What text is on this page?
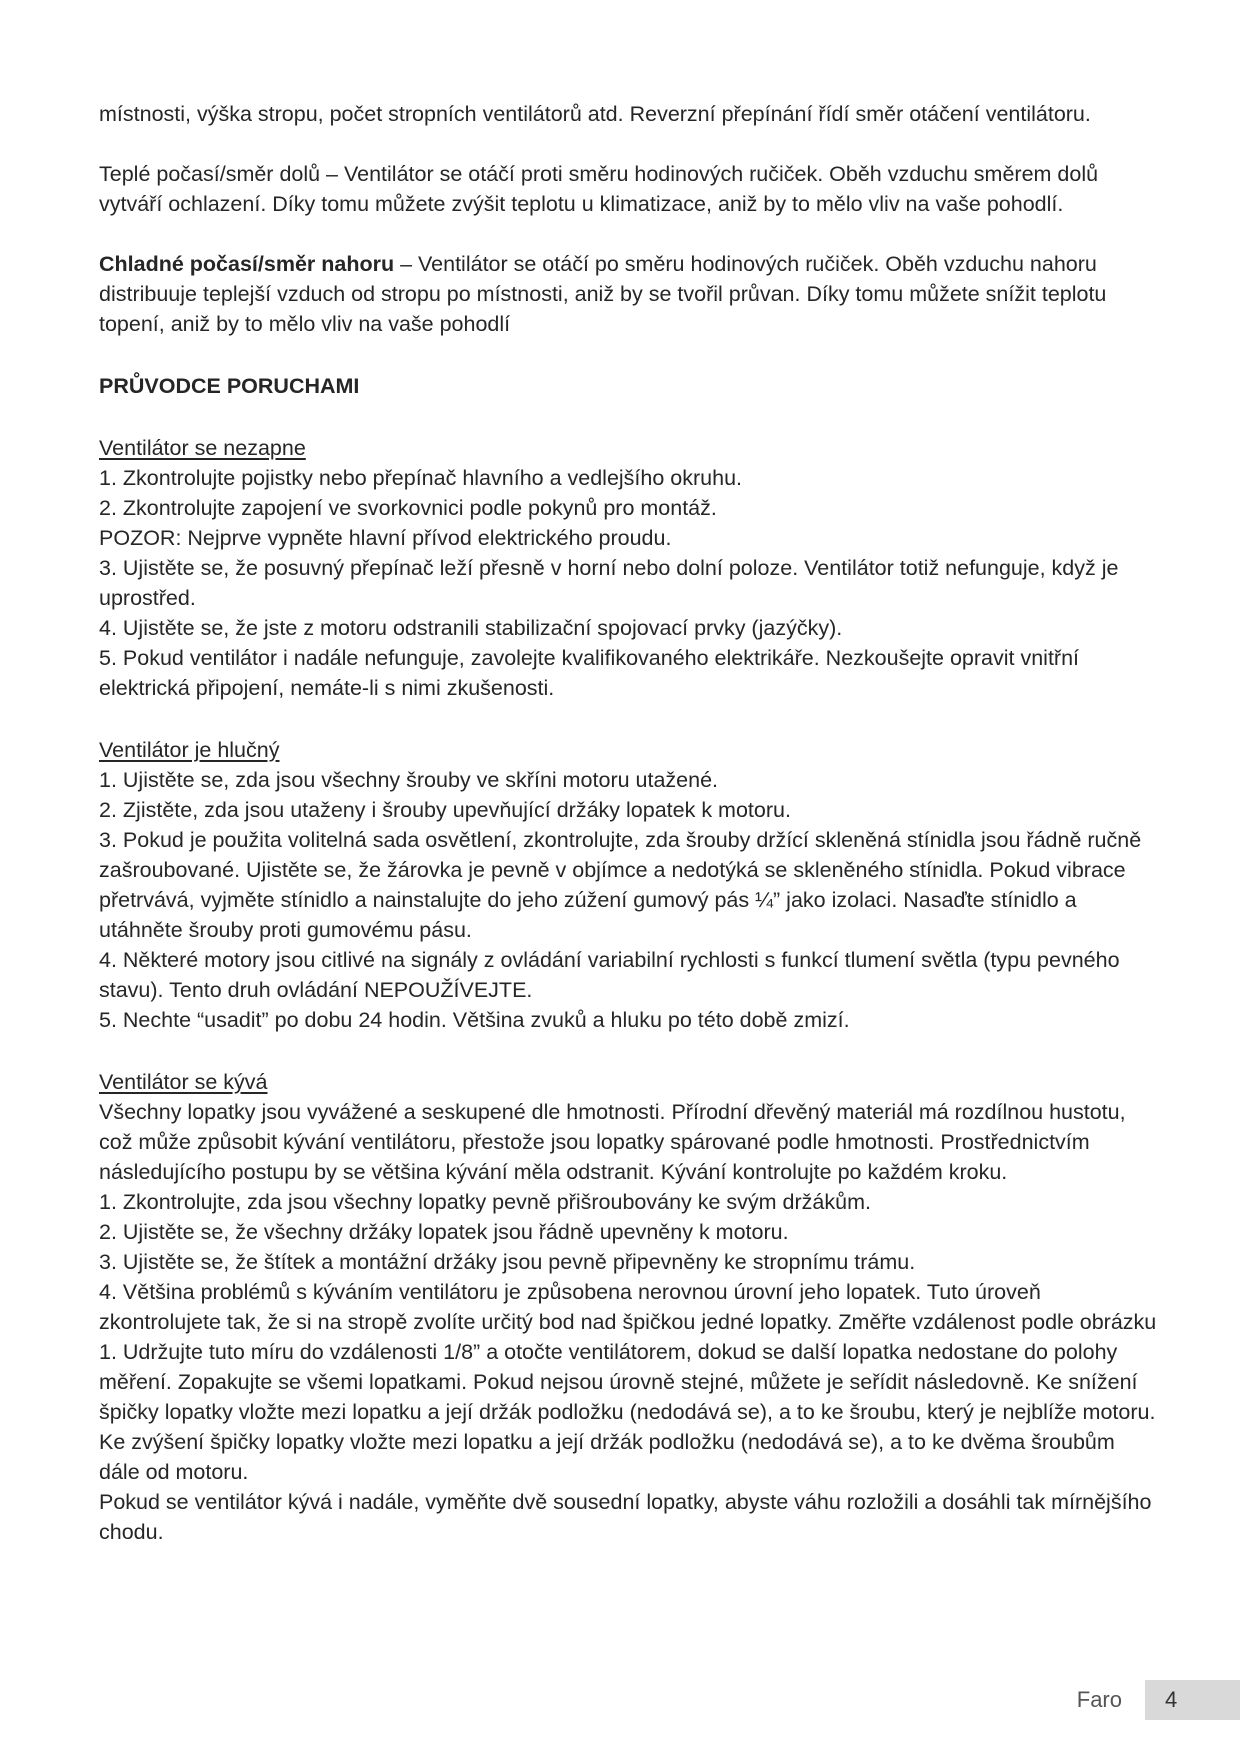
místnosti, výška stropu, počet stropních ventilátorů atd. Reverzní přepínání řídí směr otáčení ventilátoru.

Teplé počasí/směr dolů – Ventilátor se otáčí proti směru hodinových ručiček. Oběh vzduchu směrem dolů vytváří ochlazení. Díky tomu můžete zvýšit teplotu u klimatizace, aniž by to mělo vliv na vaše pohodlí.

Chladné počasí/směr nahoru – Ventilátor se otáčí po směru hodinových ručiček. Oběh vzduchu nahoru distribuuje teplejší vzduch od stropu po místnosti, aniž by se tvořil průvan. Díky tomu můžete snížit teplotu topení, aniž by to mělo vliv na vaše pohodlí

PRŮVODCE PORUCHAMI

Ventilátor se nezapne

1. Zkontrolujte pojistky nebo přepínač hlavního a vedlejšího okruhu.

2. Zkontrolujte zapojení ve svorkovnici podle pokynů pro montáž.

POZOR: Nejprve vypněte hlavní přívod elektrického proudu.

3. Ujistěte se, že posuvný přepínač leží přesně v horní nebo dolní poloze. Ventilátor totiž nefunguje, když je uprostřed.

4. Ujistěte se, že jste z motoru odstranili stabilizační spojovací prvky (jazýčky).

5. Pokud ventilátor i nadále nefunguje, zavolejte kvalifikovaného elektrikáře. Nezkoušejte opravit vnitřní elektrická připojení, nemáte-li s nimi zkušenosti.

Ventilátor je hlučný

1. Ujistěte se, zda jsou všechny šrouby ve skříni motoru utažené.

2. Zjistěte, zda jsou utaženy i šrouby upevňující držáky lopatek k motoru.

3. Pokud je použita volitelná sada osvětlení, zkontrolujte, zda šrouby držící skleněná stínidla jsou řádně ručně zašroubované. Ujistěte se, že žárovka je pevně v objímce a nedotýká se skleněného stínidla. Pokud vibrace přetrvává, vyjměte stínidlo a nainstalujte do jeho zúžení gumový pás ¼” jako izolaci. Nasaďte stínidlo a utáhněte šrouby proti gumovému pásu.

4. Některé motory jsou citlivé na signály z ovládání variabilní rychlosti s funkcí tlumení světla (typu pevného stavu). Tento druh ovládání NEPOUŽÍVEJTE.

5. Nechte “usadit” po dobu 24 hodin. Většina zvuků a hluku po této době zmizí.

Ventilátor se kývá

Všechny lopatky jsou vyvážené a seskupené dle hmotnosti. Přírodní dřevěný materiál má rozdílnou hustotu, což může způsobit kývání ventilátoru, přestože jsou lopatky spárované podle hmotnosti. Prostřednictvím následujícího postupu by se většina kývání měla odstranit. Kývání kontrolujte po každém kroku.

1. Zkontrolujte, zda jsou všechny lopatky pevně přišroubovány ke svým držákům.

2. Ujistěte se, že všechny držáky lopatek jsou řádně upevněny k motoru.

3. Ujistěte se, že štítek a montážní držáky jsou pevně připevněny ke stropnímu trámu.

4. Většina problémů s kýváním ventilátoru je způsobena nerovnou úrovní jeho lopatek. Tuto úroveň zkontrolujete tak, že si na stropě zvolíte určitý bod nad špičkou jedné lopatky. Změřte vzdálenost podle obrázku 1. Udržujte tuto míru do vzdálenosti 1/8” a otočte ventilátorem, dokud se další lopatka nedostane do polohy měření. Zopakujte se všemi lopatkami. Pokud nejsou úrovně stejné, můžete je seřídit následovně. Ke snížení špičky lopatky vložte mezi lopatku a její držák podložku (nedodává se), a to ke šroubu, který je nejblíže motoru. Ke zvýšení špičky lopatky vložte mezi lopatku a její držák podložku (nedodává se), a to ke dvěma šroubům dále od motoru.

Pokud se ventilátor kývá i nadále, vyměňte dvě sousední lopatky, abyste váhu rozložili a dosáhli tak mírnějšího chodu.

Faro	4
